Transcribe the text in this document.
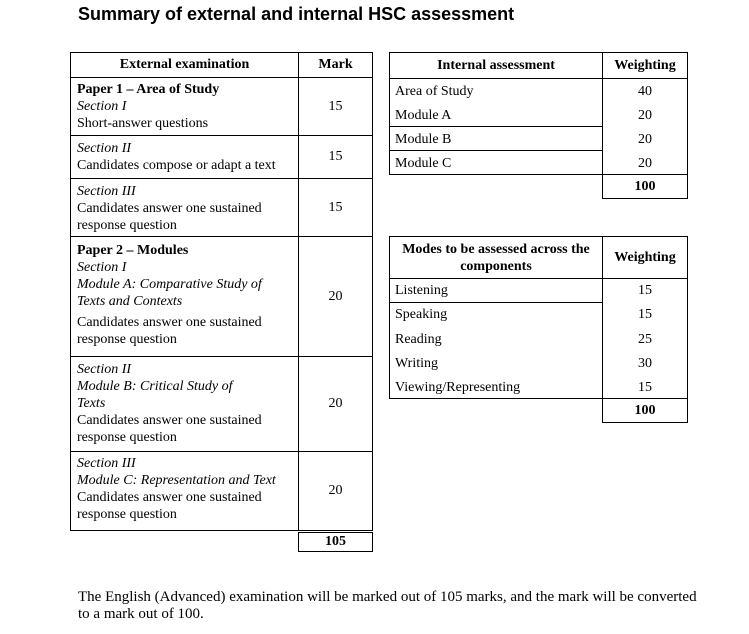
Summary of external and internal HSC assessment
External examination	Mark
Paper 1 – Area of Study
Section I
Short-answer questions
15
Section II
Candidates compose or adapt a text
15
Section III
Candidates answer one sustained
response question
15
Paper 2 – Modules
Section I
Module A: Comparative Study of
Texts and Contexts
Candidates answer one sustained
response question
20
Section II
Module B: Critical Study of
Texts
Candidates answer one sustained
response question
20
Section III
Module C: Representation and Text
Candidates answer one sustained
response question
20
105
Internal assessment	Weighting
Area of Study
Module A
Module B
Module C
40
20
20
20
100
Modes to be assessed across the components
Weighting
Listening
Speaking
Reading
Writing
Viewing/Representing
15
15
25
30
15
100
The English (Advanced) examination will be marked out of 105 marks, and the mark will be converted to a mark out of 100.
